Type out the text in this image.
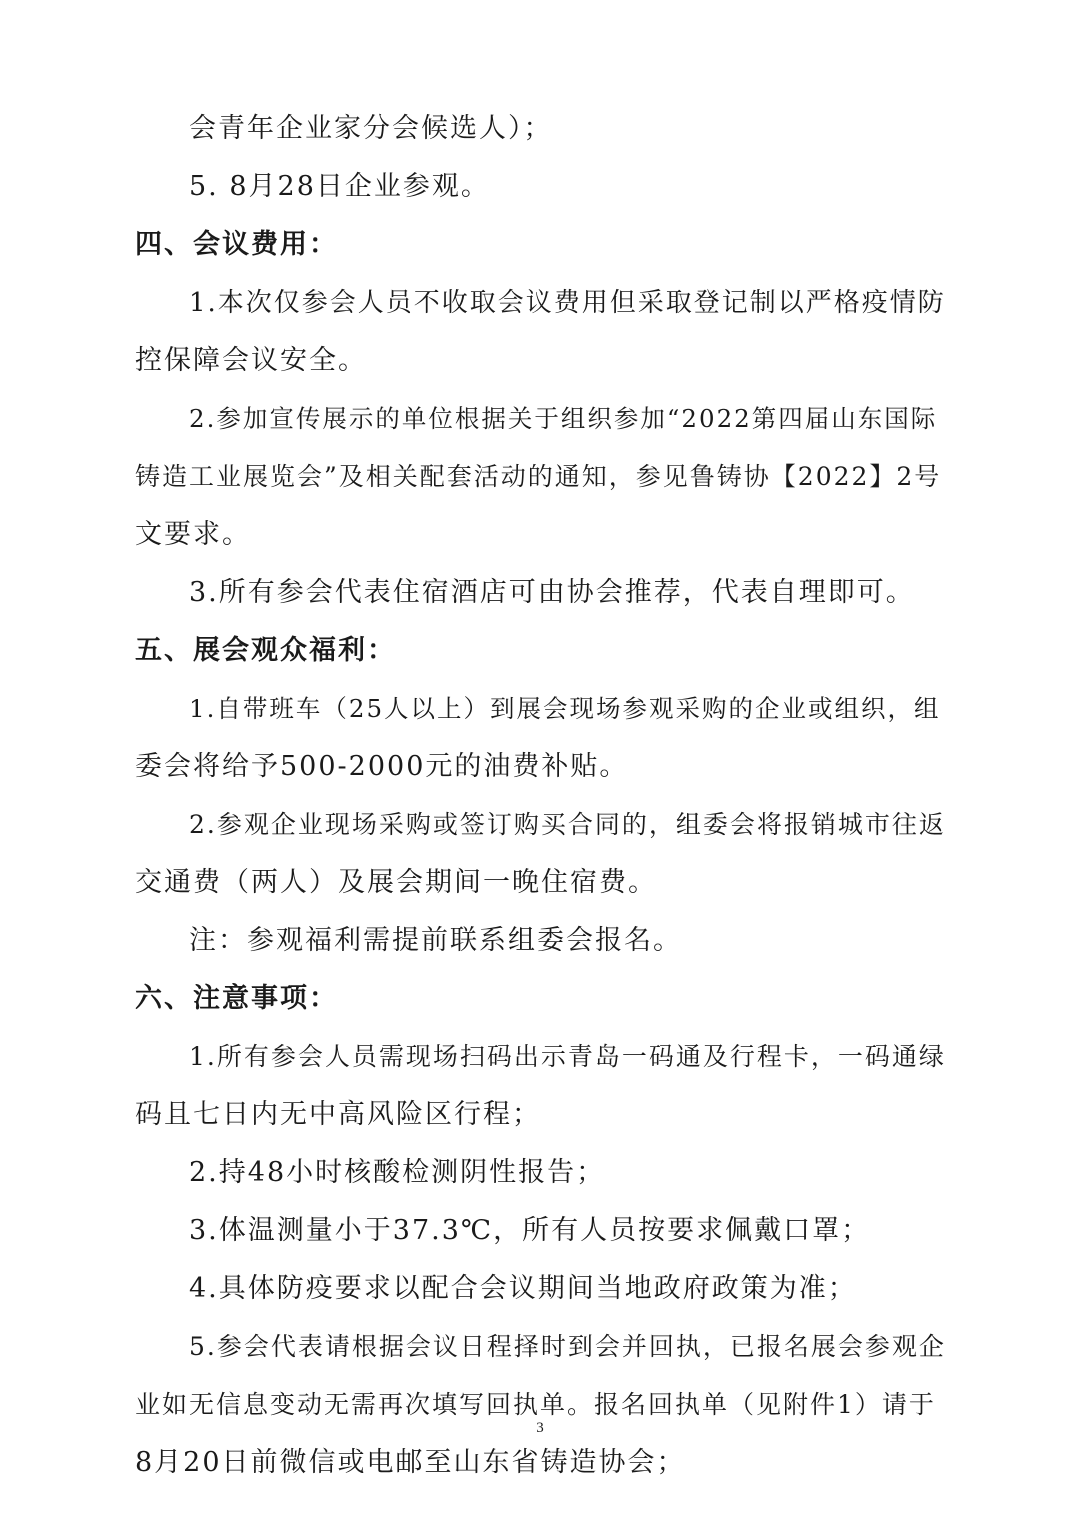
会青年企业家分会候选人）；
5. 8月28日企业参观。
四、会议费用：
1.本次仅参会人员不收取会议费用但采取登记制以严格疫情防
控保障会议安全。
2.参加宣传展示的单位根据关于组织参加“2022第四届山东国际
铸造工业展览会”及相关配套活动的通知，参见鲁铸协【2022】2号
文要求。
3.所有参会代表住宿酒店可由协会推荐，代表自理即可。
五、展会观众福利：
1.自带班车（25人以上）到展会现场参观采购的企业或组织，组
委会将给予500-2000元的油费补贴。
2.参观企业现场采购或签订购买合同的，组委会将报销城市往返
交通费（两人）及展会期间一晚住宿费。
注：参观福利需提前联系组委会报名。
六、注意事项：
1.所有参会人员需现场扫码出示青岛一码通及行程卡，一码通绿
码且七日内无中高风险区行程；
2.持48小时核酸检测阴性报告；
3.体温测量小于37.3℃，所有人员按要求佩戴口罩；
4.具体防疫要求以配合会议期间当地政府政策为准；
5.参会代表请根据会议日程择时到会并回执，已报名展会参观企
业如无信息变动无需再次填写回执单。报名回执单（见附件1）请于
8月20日前微信或电邮至山东省铸造协会；
3
